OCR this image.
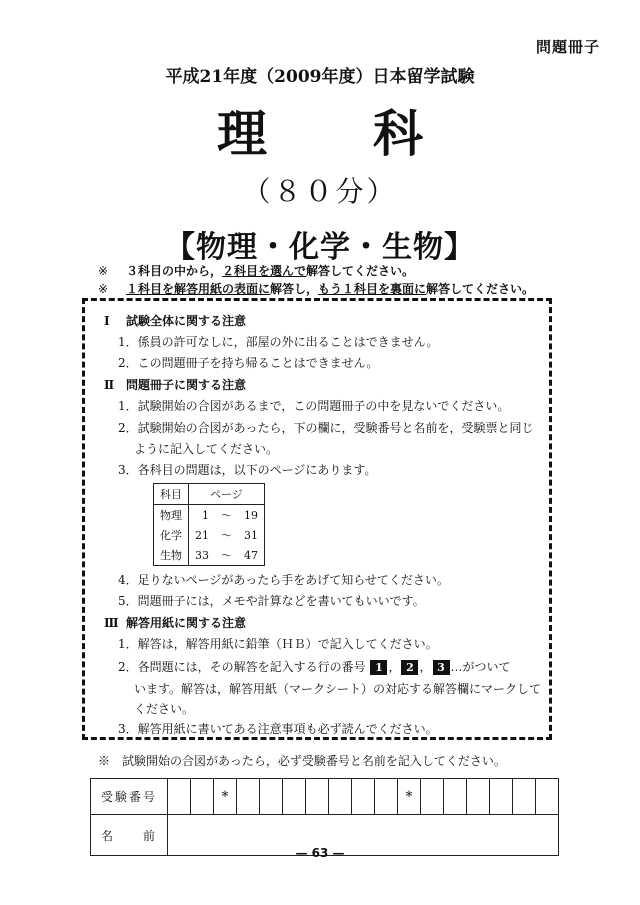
問題冊子
平成21年度（2009年度）日本留学試験
理　科
（８０分）
【物理・化学・生物】
※ ３科目の中から，２科目を選んで解答してください。
※ １科目を解答用紙の表面に解答し，もう１科目を裏面に解答してください。
Ⅰ 試験全体に関する注意
1．係員の許可なしに，部屋の外に出ることはできません。
2．この問題冊子を持ち帰ることはできません。
Ⅱ 問題冊子に関する注意
1．試験開始の合図があるまで，この問題冊子の中を見ないでください。
2．試験開始の合図があったら，下の欄に，受験番号と名前を，受験票と同じ
ように記入してください。
3．各科目の問題は，以下のページにあります。
科目	ページ		
物理	1	〜	19
化学	21	〜	31
生物	33	〜	47
4．足りないページがあったら手をあげて知らせてください。
5．問題冊子には，メモや計算などを書いてもいいです。
Ⅲ 解答用紙に関する注意
1．解答は，解答用紙に鉛筆（ＨＢ）で記入してください。
2．各問題には，その解答を記入する行の番号 1 ， 2 ， 3 …がついて
います。解答は，解答用紙（マークシート）の対応する解答欄にマークして
ください。
3．解答用紙に書いてある注意事項も必ず読んでください。
※　試験開始の合図があったら，必ず受験番号と名前を記入してください。
受験番号			*								*						
名　　前																	
— 63 —
